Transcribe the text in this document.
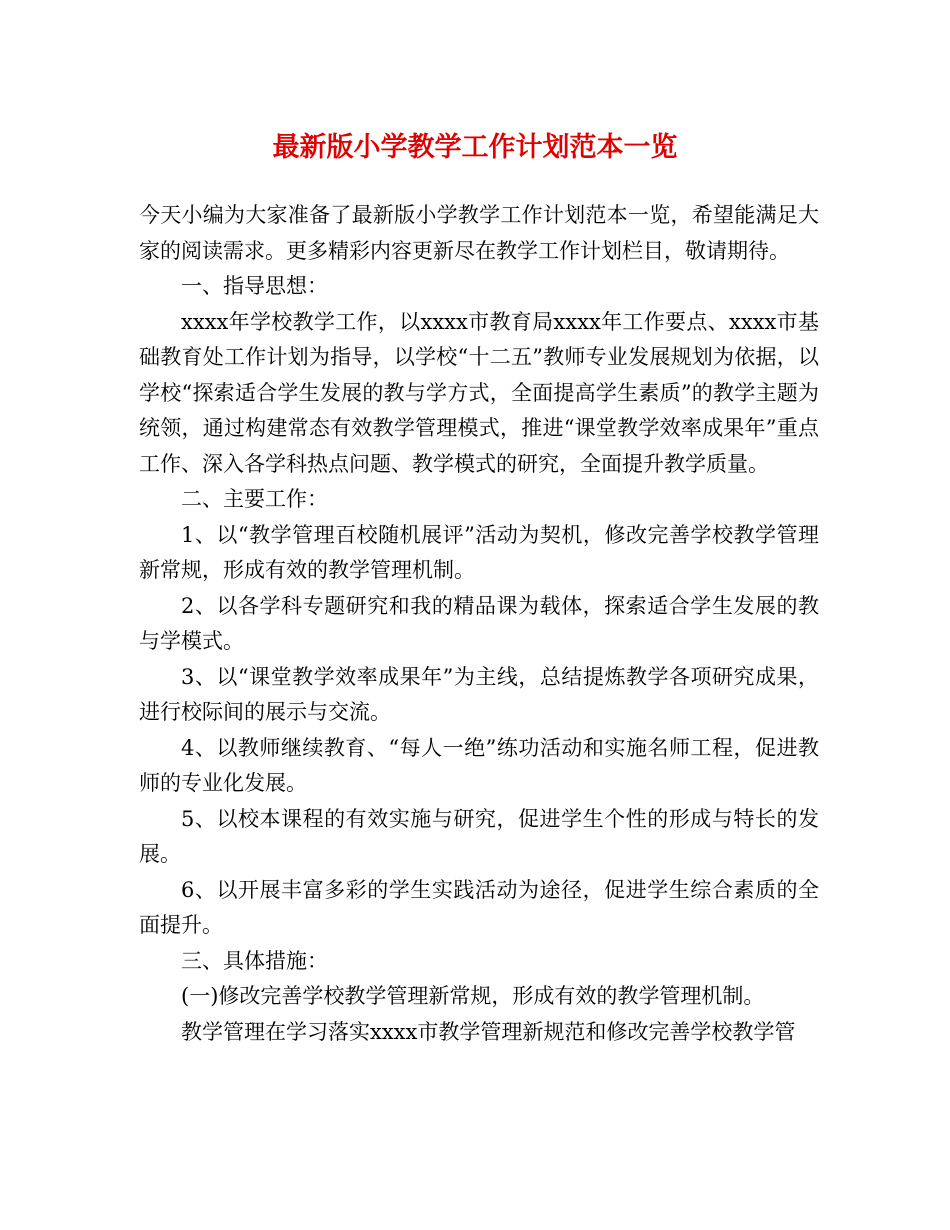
最新版小学教学工作计划范本一览

今天小编为大家准备了最新版小学教学工作计划范本一览，希望能满足大家的阅读需求。更多精彩内容更新尽在教学工作计划栏目，敬请期待。

一、指导思想：

xxxx年学校教学工作，以xxxx市教育局xxxx年工作要点、xxxx市基础教育处工作计划为指导，以学校“十二五”教师专业发展规划为依据，以学校“探索适合学生发展的教与学方式，全面提高学生素质”的教学主题为统领，通过构建常态有效教学管理模式，推进“课堂教学效率成果年”重点工作、深入各学科热点问题、教学模式的研究，全面提升教学质量。

二、主要工作：

1、以“教学管理百校随机展评”活动为契机，修改完善学校教学管理新常规，形成有效的教学管理机制。

2、以各学科专题研究和我的精品课为载体，探索适合学生发展的教与学模式。

3、以“课堂教学效率成果年”为主线，总结提炼教学各项研究成果，进行校际间的展示与交流。

4、以教师继续教育、“每人一绝”练功活动和实施名师工程，促进教师的专业化发展。

5、以校本课程的有效实施与研究，促进学生个性的形成与特长的发展。

6、以开展丰富多彩的学生实践活动为途径，促进学生综合素质的全面提升。

三、具体措施：

(一)修改完善学校教学管理新常规，形成有效的教学管理机制。

教学管理在学习落实xxxx市教学管理新规范和修改完善学校教学管
